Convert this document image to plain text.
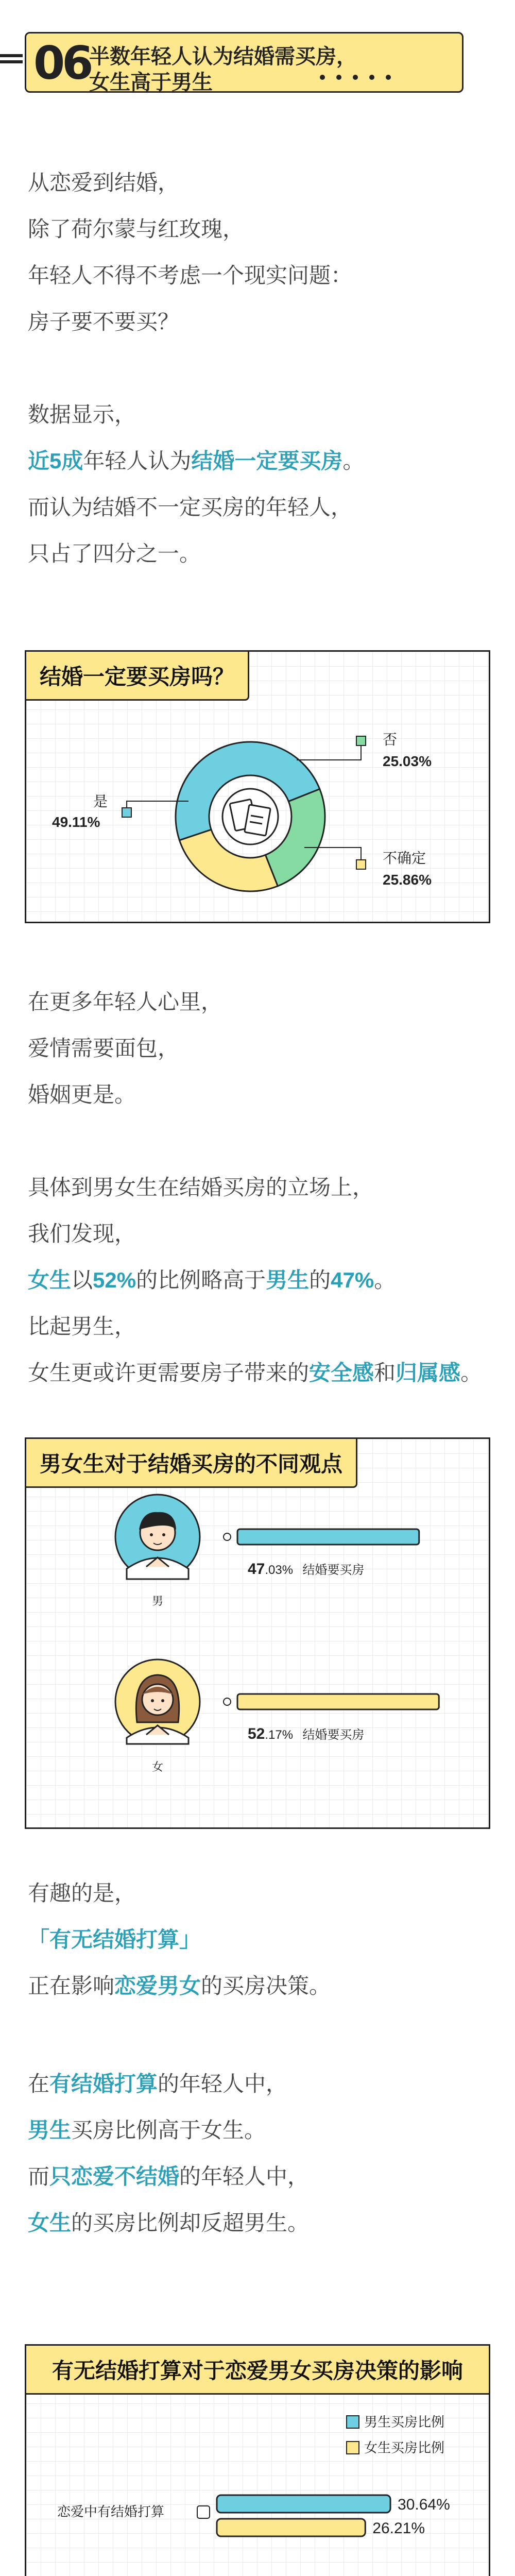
06
半数年轻人认为结婚需买房，
女生高于男生

从恋爱到结婚，

除了荷尔蒙与红玫瑰，

年轻人不得不考虑一个现实问题：

房子要不要买？

数据显示，

近5成年轻人认为结婚一定要买房。

而认为结婚不一定买房的年轻人，

只占了四分之一。

结婚一定要买房吗？
是
49.11%
否
25.03%
不确定
25.86%

在更多年轻人心里，

爱情需要面包，

婚姻更是。

具体到男女生在结婚买房的立场上，

我们发现，

女生以52%的比例略高于男生的47%。

比起男生，

女生更或许更需要房子带来的安全感和归属感。

男女生对于结婚买房的不同观点
男
女
47.03% 结婚要买房
52.17% 结婚要买房

有趣的是，

「有无结婚打算」

正在影响恋爱男女的买房决策。

在有结婚打算的年轻人中，

男生买房比例高于女生。

而只恋爱不结婚的年轻人中，

女生的买房比例却反超男生。

有无结婚打算对于恋爱男女买房决策的影响
男生买房比例
女生买房比例
恋爱中有结婚打算	30.64%
26.21%
